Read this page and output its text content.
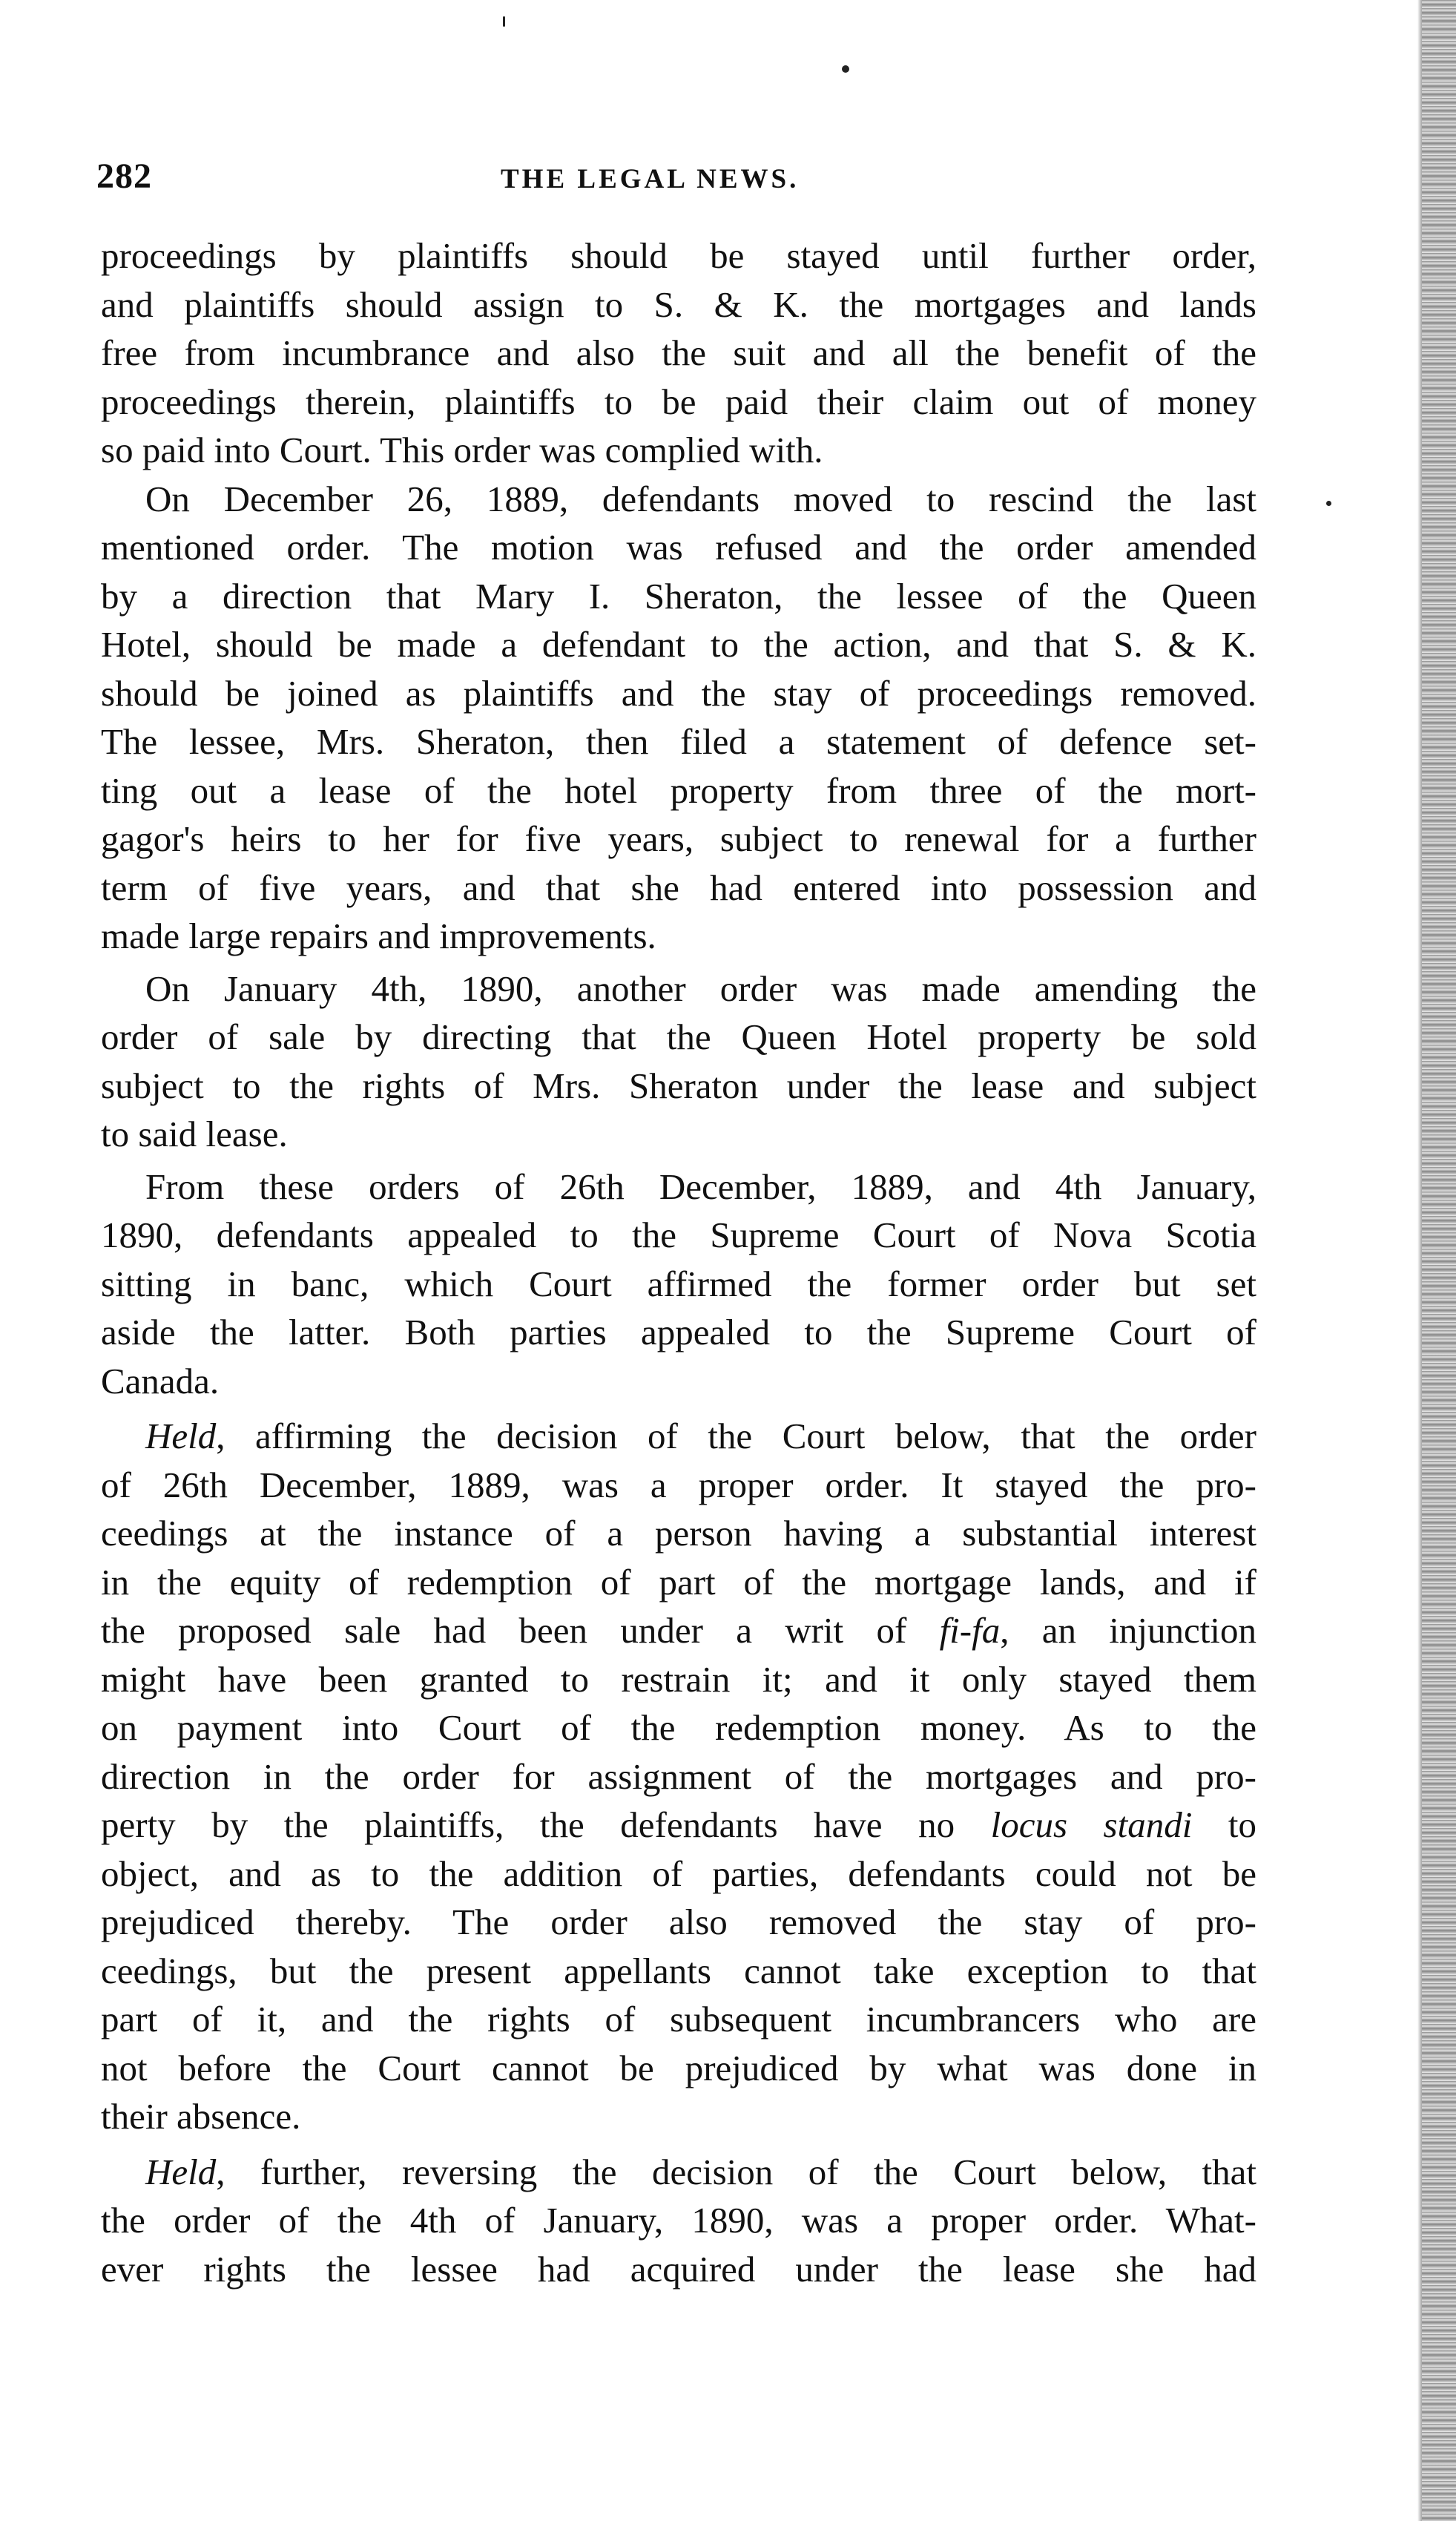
282	THE LEGAL NEWS.

proceedings by plaintiffs should be stayed until further order,
and plaintiffs should assign to S. & K. the mortgages and lands
free from incumbrance and also the suit and all the benefit of the
proceedings therein, plaintiffs to be paid their claim out of money
so paid into Court. This order was complied with.

On December 26, 1889, defendants moved to rescind the last
mentioned order. The motion was refused and the order amended
by a direction that Mary I. Sheraton, the lessee of the Queen
Hotel, should be made a defendant to the action, and that S. & K.
should be joined as plaintiffs and the stay of proceedings removed.
The lessee, Mrs. Sheraton, then filed a statement of defence set-
ting out a lease of the hotel property from three of the mort-
gagor's heirs to her for five years, subject to renewal for a further
term of five years, and that she had entered into possession and
made large repairs and improvements.

On January 4th, 1890, another order was made amending the
order of sale by directing that the Queen Hotel property be sold
subject to the rights of Mrs. Sheraton under the lease and subject
to said lease.

From these orders of 26th December, 1889, and 4th January,
1890, defendants appealed to the Supreme Court of Nova Scotia
sitting in banc, which Court affirmed the former order but set
aside the latter. Both parties appealed to the Supreme Court of
Canada.

Held, affirming the decision of the Court below, that the order
of 26th December, 1889, was a proper order. It stayed the pro-
ceedings at the instance of a person having a substantial interest
in the equity of redemption of part of the mortgage lands, and if
the proposed sale had been under a writ of fi-fa, an injunction
might have been granted to restrain it; and it only stayed them
on payment into Court of the redemption money. As to the
direction in the order for assignment of the mortgages and pro-
perty by the plaintiffs, the defendants have no locus standi to
object, and as to the addition of parties, defendants could not be
prejudiced thereby. The order also removed the stay of pro-
ceedings, but the present appellants cannot take exception to that
part of it, and the rights of subsequent incumbrancers who are
not before the Court cannot be prejudiced by what was done in
their absence.

Held, further, reversing the decision of the Court below, that
the order of the 4th of January, 1890, was a proper order. What-
ever rights the lessee had acquired under the lease she had
